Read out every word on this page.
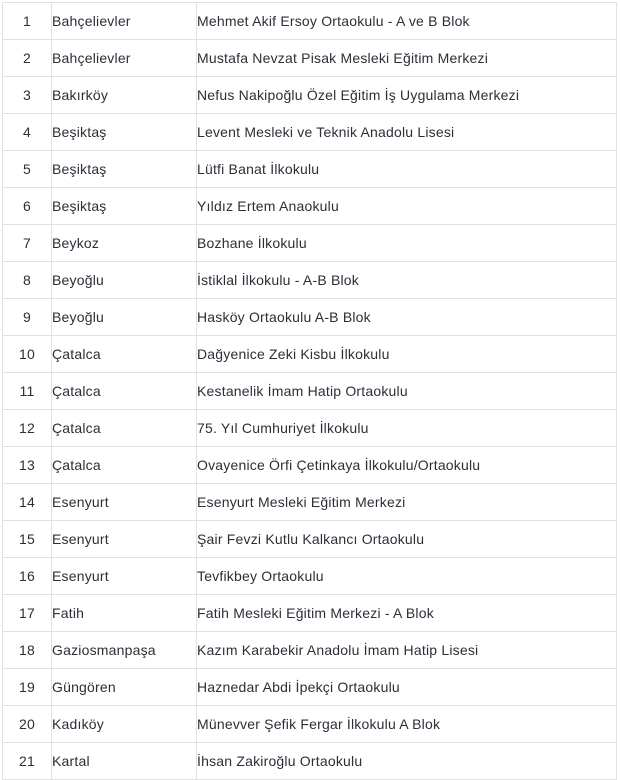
1	Bahçelievler	Mehmet Akif Ersoy Ortaokulu - A ve B Blok
2	Bahçelievler	Mustafa Nevzat Pisak Mesleki Eğitim Merkezi
3	Bakırköy	Nefus Nakipoğlu Özel Eğitim İş Uygulama Merkezi
4	Beşiktaş	Levent Mesleki ve Teknik Anadolu Lisesi
5	Beşiktaş	Lütfi Banat İlkokulu
6	Beşiktaş	Yıldız Ertem Anaokulu
7	Beykoz	Bozhane İlkokulu
8	Beyoğlu	İstiklal İlkokulu - A-B Blok
9	Beyoğlu	Hasköy Ortaokulu A-B Blok
10	Çatalca	Dağyenice Zeki Kisbu İlkokulu
11	Çatalca	Kestanelik İmam Hatip Ortaokulu
12	Çatalca	75. Yıl Cumhuriyet İlkokulu
13	Çatalca	Ovayenice Örfi Çetinkaya İlkokulu/Ortaokulu
14	Esenyurt	Esenyurt Mesleki Eğitim Merkezi
15	Esenyurt	Şair Fevzi Kutlu Kalkancı Ortaokulu
16	Esenyurt	Tevfikbey Ortaokulu
17	Fatih	Fatih Mesleki Eğitim Merkezi - A Blok
18	Gaziosmanpaşa	Kazım Karabekir Anadolu İmam Hatip Lisesi
19	Güngören	Haznedar Abdi İpekçi Ortaokulu
20	Kadıköy	Münevver Şefik Fergar İlkokulu A Blok
21	Kartal	İhsan Zakiroğlu Ortaokulu
